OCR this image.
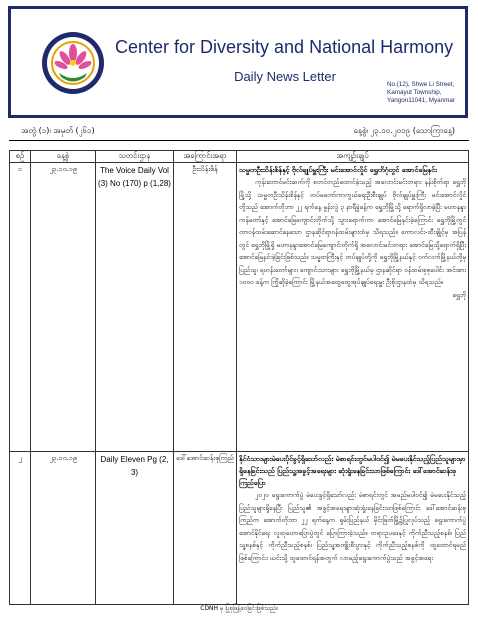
Center for Diversity and National Harmony
Daily News Letter
No.(12), Shwe Li Street,
Kamayut Township,
Yangon11041, Myanmar
အတွဲ (၁)၊ အမှတ် (၂၆၁)	နေ့စွဲ၊ ၂၃.၁၀.၂၀၁၉ (သောကြာနေ့)
စဉ်	နေ့စွဲ	သတင်းဌာန	အကြောင်းအရာ	အကျဉ်းချုပ်
၁	၂၃.၁၀.၁၉	The Voice Daily Vol (3) No (170) p (1,28)	ဦးသိန်းစိန်	သမ္မတဦးသိန်းစိန်နှင့် ဗိုလ်ချုပ်မှူးကြီး မင်းအောင်လှိုင် ရွှေတိဂုံတွင် အောင်မြေနင်း
ကုန်းဘောင်မင်းဆက်ကို စတင်တည်ထောင်ခဲ့သည့် အလောင်းမင်းတရား နန်းစိုက်ရာ ရွှေဘိုမြို့သို့ သမ္မတဦးသိန်းစိန်နှင့် တပ်မတော်ကာကွယ်ရေးဦးစီးချုပ် ဗိုလ်ချုပ်မှူးကြီး မင်းအောင်လှိုင်တို့သည် အောက်တိုဘာ ၂၂ ရက်နေ့ မွန်းလွဲ ၃ နာရီခွဲခန့်က ရွှေဘိုမြို့သို့ ရောက်ရှိလာခဲ့ပြီး မဟာနန္ဒာကန်တော်နှင့် အောင်မြေကျောင်းတိုက်သို့ သွားရောက်ကာ အောင်မြေနင်းခဲ့ကြောင်း ရွှေဘိုမြို့တွင် တာဝန်ထမ်းဆောင်နေသော ဌာနဆိုင်ရာဝန်ထမ်းများထံမှ သိရသည်။ ကောလင်း-ထီးချိုင့်မှ အပြန်တွင် ရွှေဘိုမြို့ရှိ မဟာနန္ဒာအောင်မြေကျောင်းတိုက်ရှိ အလောင်းမင်းတရား အောင်မြေသို့ရောက်ရှိပြီး အောင်မြေနင်းခဲ့ခြင်းဖြစ်သည်။ သမ္မတကြီးနှင့် တပ်ချုပ်တို့ကို ရွှေဘိုမြို့နယ်နှင့် ဝက်လက်မြို့နယ်တို့မှ ပြည်သူ၊ ရဟန်းတော်များ၊ ကျောင်းသားများ ရွှေဘိုမြို့နယ်မှ ဌာနဆိုင်ရာ ဝန်ထမ်းစုစုပေါင်း အင်အား ၁၀၀၀ ခန့်က ကြိုဆိုခဲ့ကြောင်း မြို့နယ်အထွေထွေအုပ်ချုပ်ရေးမှူး ဦးစိုးဌာနထံမှ သိရသည်။
ရွှေဘို

၂	၂၃.၁၀.၁၉	Daily Eleven Pg (2, 3)	ဒေါ်အောင်ဆန်းစုကြည်	နိုင်ငံသားများမဲပေးပိုင်ခွင့်ရှိသော်လည်း မဲစာရင်းတွင်မပါဝင်၍ မဲမပေးနိုင်သည့်ပြည်သူများမှာရှိနေခြင်းသည် ပြည်သူ့အခွင့်အရေးများ ဆုံးရှုံးနေခြင်းသာဖြစ်ကြောင်း ဒေါ်အောင်ဆန်းစုကြည်ပြော
၂၀၂၀ ရွေးကောက်ပွဲ မဲပေးခွင့်ရှိသော်လည်း မဲစာရင်းတွင် အမည်မပါဝင်၍ မဲမပေးနိုင်သည့် ပြည်သူများရှိနေပြီး ပြည်သူ၏ အခွင့်အရေးများဆုံးရှုံးနေခြင်းသာဖြစ်ကြောင်း ဒေါ်အောင်ဆန်းစုကြည်က အောက်တိုဘာ ၂၂ ရက်နေ့က ရှမ်းပြည်နယ် မိုင်းဖြတ်မြို့၌ပြုလုပ်သည့် ရွေးကောက်ပွဲအောင်နိုင်ရေး လူထုဟောပြောပွဲတွင် ပြောကြားခဲ့သည်။ တရားဥပဒေနှင့် ကိုက်ညီသည့်စနစ်၊ ပြည်သူ့စနစ်နှင့် ကိုက်ညီသည့်စနစ်၊ ပြည်သူ့အကျိုးစီးပွားနှင့် ကိုက်ညီသည့်စနစ်ကို ထူထောင်ရမည်ဖြစ်ကြောင်း၊ ယင်းသို့ ထူထောင်ရန်အတွက် လာမည့်ရွေးကောက်ပွဲသည် အခွင့်အရေး
CDNH မှ ပြုစုဖြန့်ဝေခြင်းဖြစ်သည်။
